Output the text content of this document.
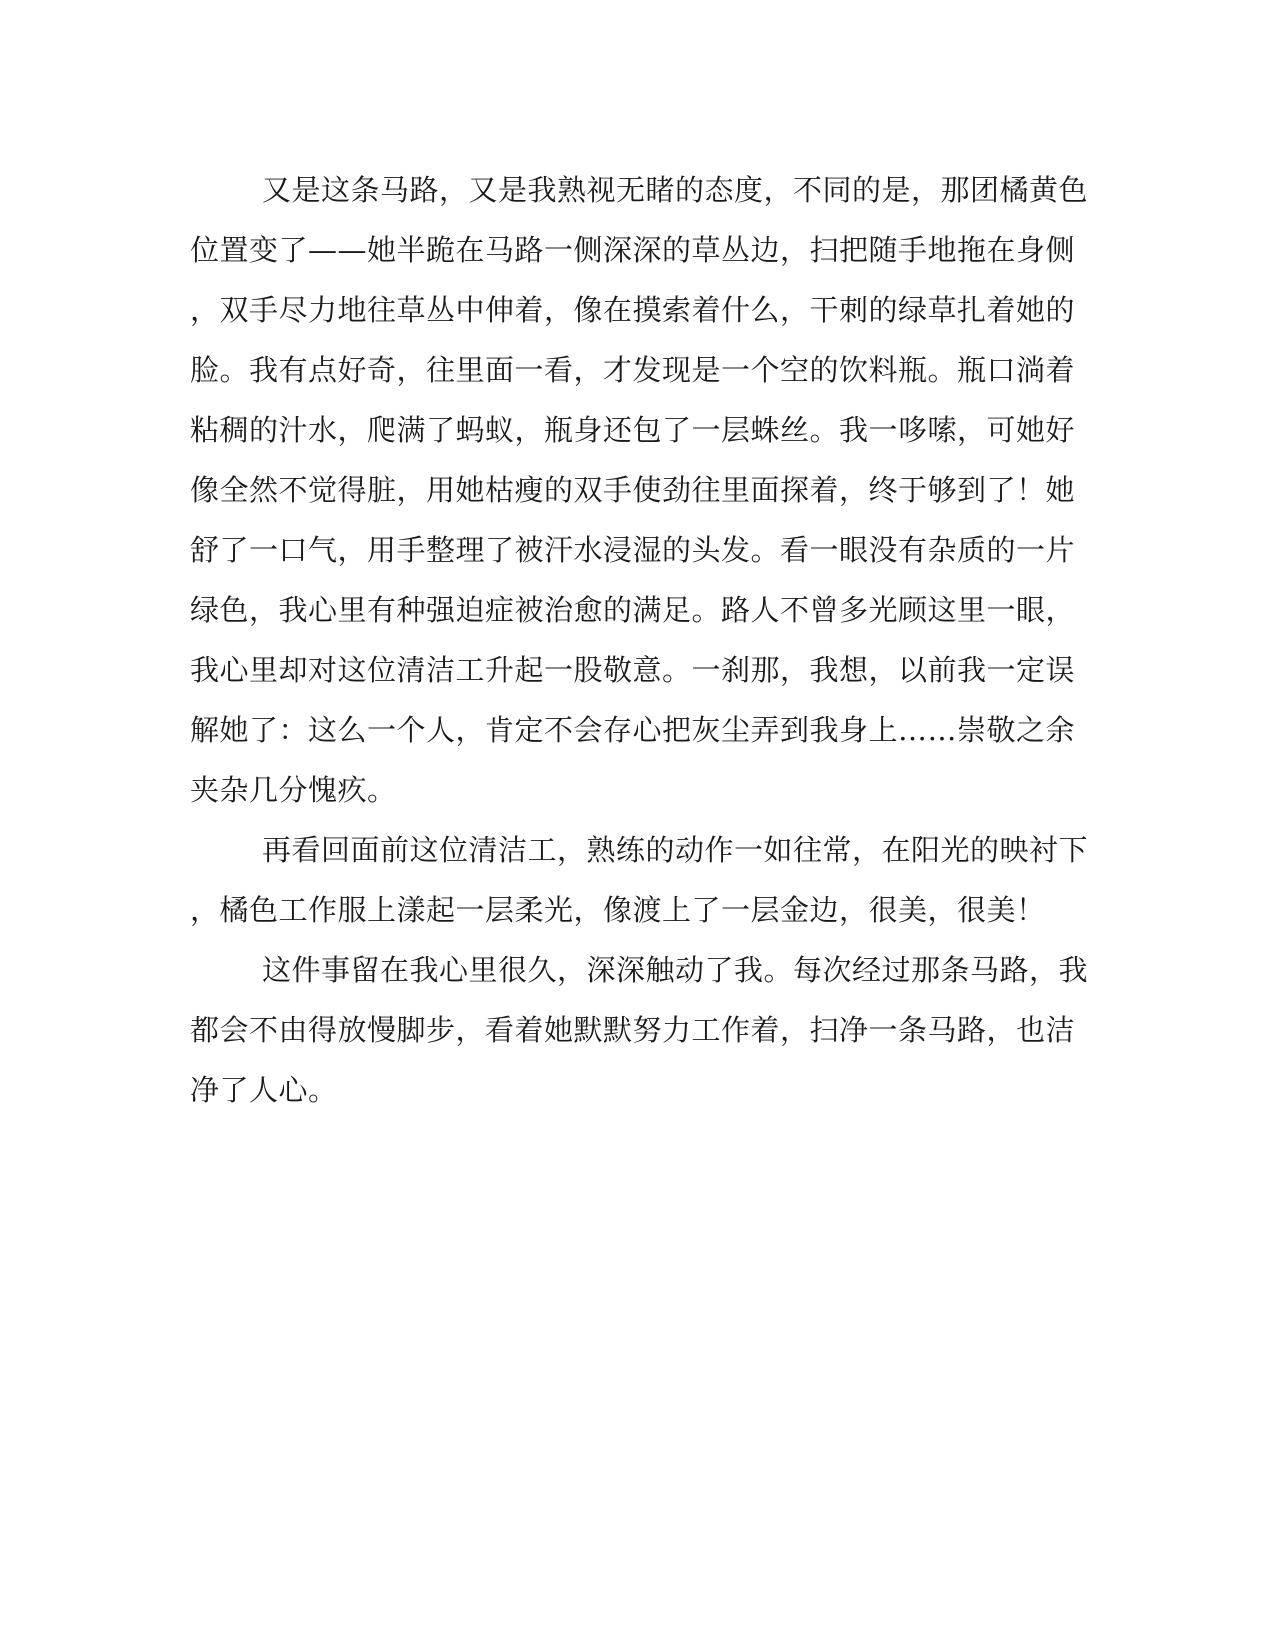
又是这条马路，又是我熟视无睹的态度，不同的是，那团橘黄色
位置变了——她半跪在马路一侧深深的草丛边，扫把随手地拖在身侧
，双手尽力地往草丛中伸着，像在摸索着什么，干刺的绿草扎着她的
脸。我有点好奇，往里面一看，才发现是一个空的饮料瓶。瓶口淌着
粘稠的汁水，爬满了蚂蚁，瓶身还包了一层蛛丝。我一哆嗦，可她好
像全然不觉得脏，用她枯瘦的双手使劲往里面探着，终于够到了！她
舒了一口气，用手整理了被汗水浸湿的头发。看一眼没有杂质的一片
绿色，我心里有种强迫症被治愈的满足。路人不曾多光顾这里一眼，
我心里却对这位清洁工升起一股敬意。一刹那，我想，以前我一定误
解她了：这么一个人，肯定不会存心把灰尘弄到我身上……崇敬之余
夹杂几分愧疚。
再看回面前这位清洁工，熟练的动作一如往常，在阳光的映衬下
，橘色工作服上漾起一层柔光，像渡上了一层金边，很美，很美！
这件事留在我心里很久，深深触动了我。每次经过那条马路，我
都会不由得放慢脚步，看着她默默努力工作着，扫净一条马路，也洁
净了人心。
